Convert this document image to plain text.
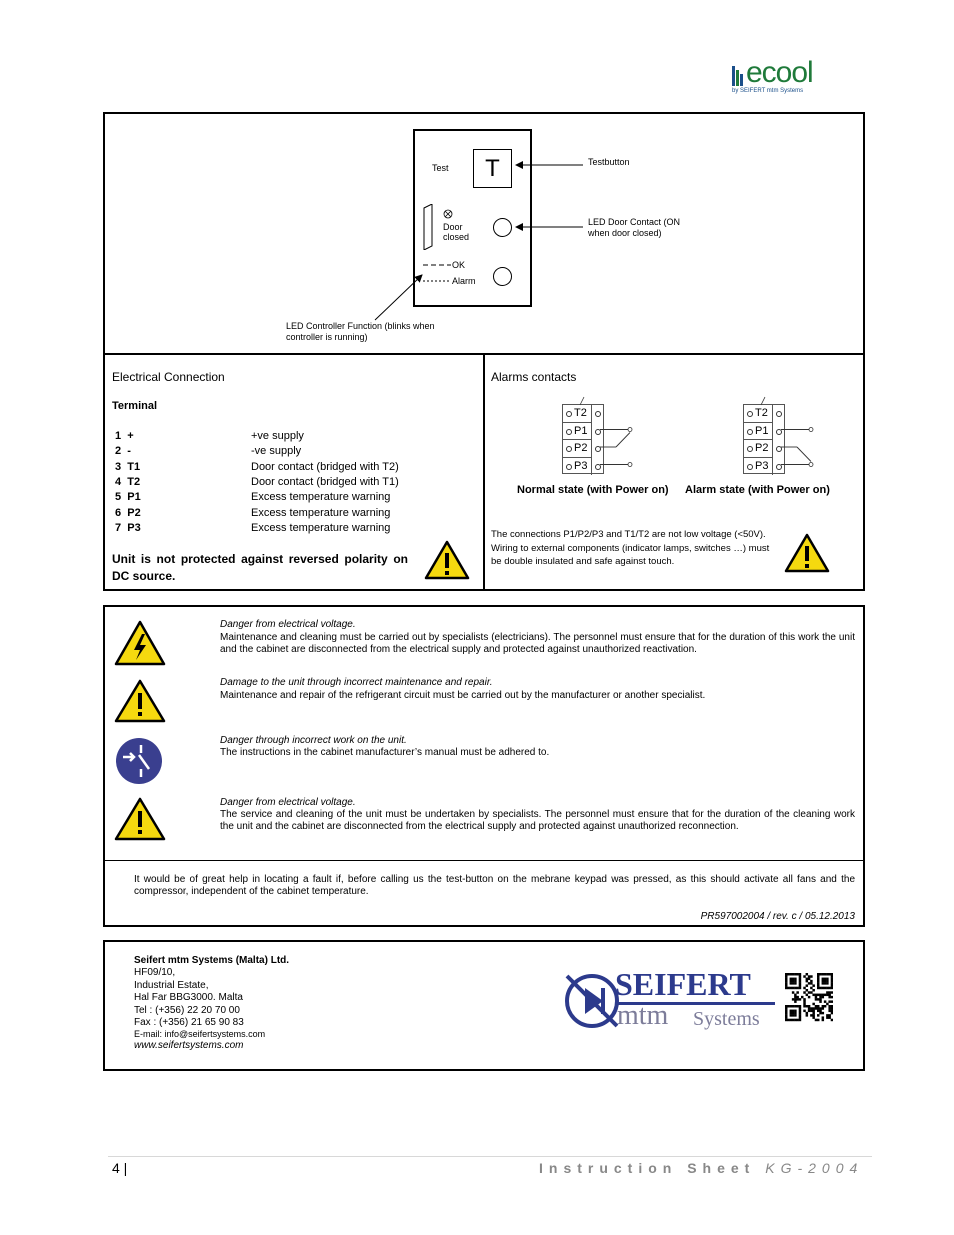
ecool
by SEIFERT mtm Systems
Test	T
Door
closed
OK
Alarm
Testbutton
LED Door Contact (ON
when door closed)
LED Controller Function (blinks when
controller is running)
Electrical Connection
Terminal
1  +	+ve supply
2  -	-ve supply
3  T1	Door contact (bridged with T2)
4  T2	Door contact (bridged with T1)
5  P1	Excess temperature warning
6  P2	Excess temperature warning
7  P3	Excess temperature warning
Unit is not protected against reversed polarity on DC source.
Alarms contacts
T2
P1
P2
P3
T2
P1
P2
P3
Normal state (with Power on) Alarm state (with Power on)
The connections P1/P2/P3 and T1/T2 are not low voltage (<50V). Wiring to external components (indicator lamps, switches …) must be double insulated and safe against touch.
Danger from electrical voltage.
Maintenance and cleaning must be carried out by specialists (electricians). The personnel must ensure that for the duration of this work the unit and the cabinet are disconnected from the electrical supply and protected against unauthorized reactivation.
Damage to the unit through incorrect maintenance and repair.
Maintenance and repair of the refrigerant circuit must be carried out by the manufacturer or another specialist.
Danger through incorrect work on the unit.
The instructions in the cabinet manufacturer’s manual must be adhered to.
Danger from electrical voltage.
The service and cleaning of the unit must be undertaken by specialists. The personnel must ensure that for the duration of the cleaning work the unit and the cabinet are disconnected from the electrical supply and protected against unauthorized reconnection.
It would be of great help in locating a fault if, before calling us the test-button on the mebrane keypad was pressed, as this should activate all fans and the compressor, independent of the cabinet temperature.
PR597002004 / rev. c / 05.12.2013
Seifert mtm Systems (Malta) Ltd.
HF09/10,
Industrial Estate,
Hal Far BBG3000. Malta
Tel : (+356) 22 20 70 00
Fax : (+356) 21 65 90 83
E-mail: info@seifertsystems.com
www.seifertsystems.com
SEIFERT
mtm Systems
4 |	Instruction Sheet KG-2004
